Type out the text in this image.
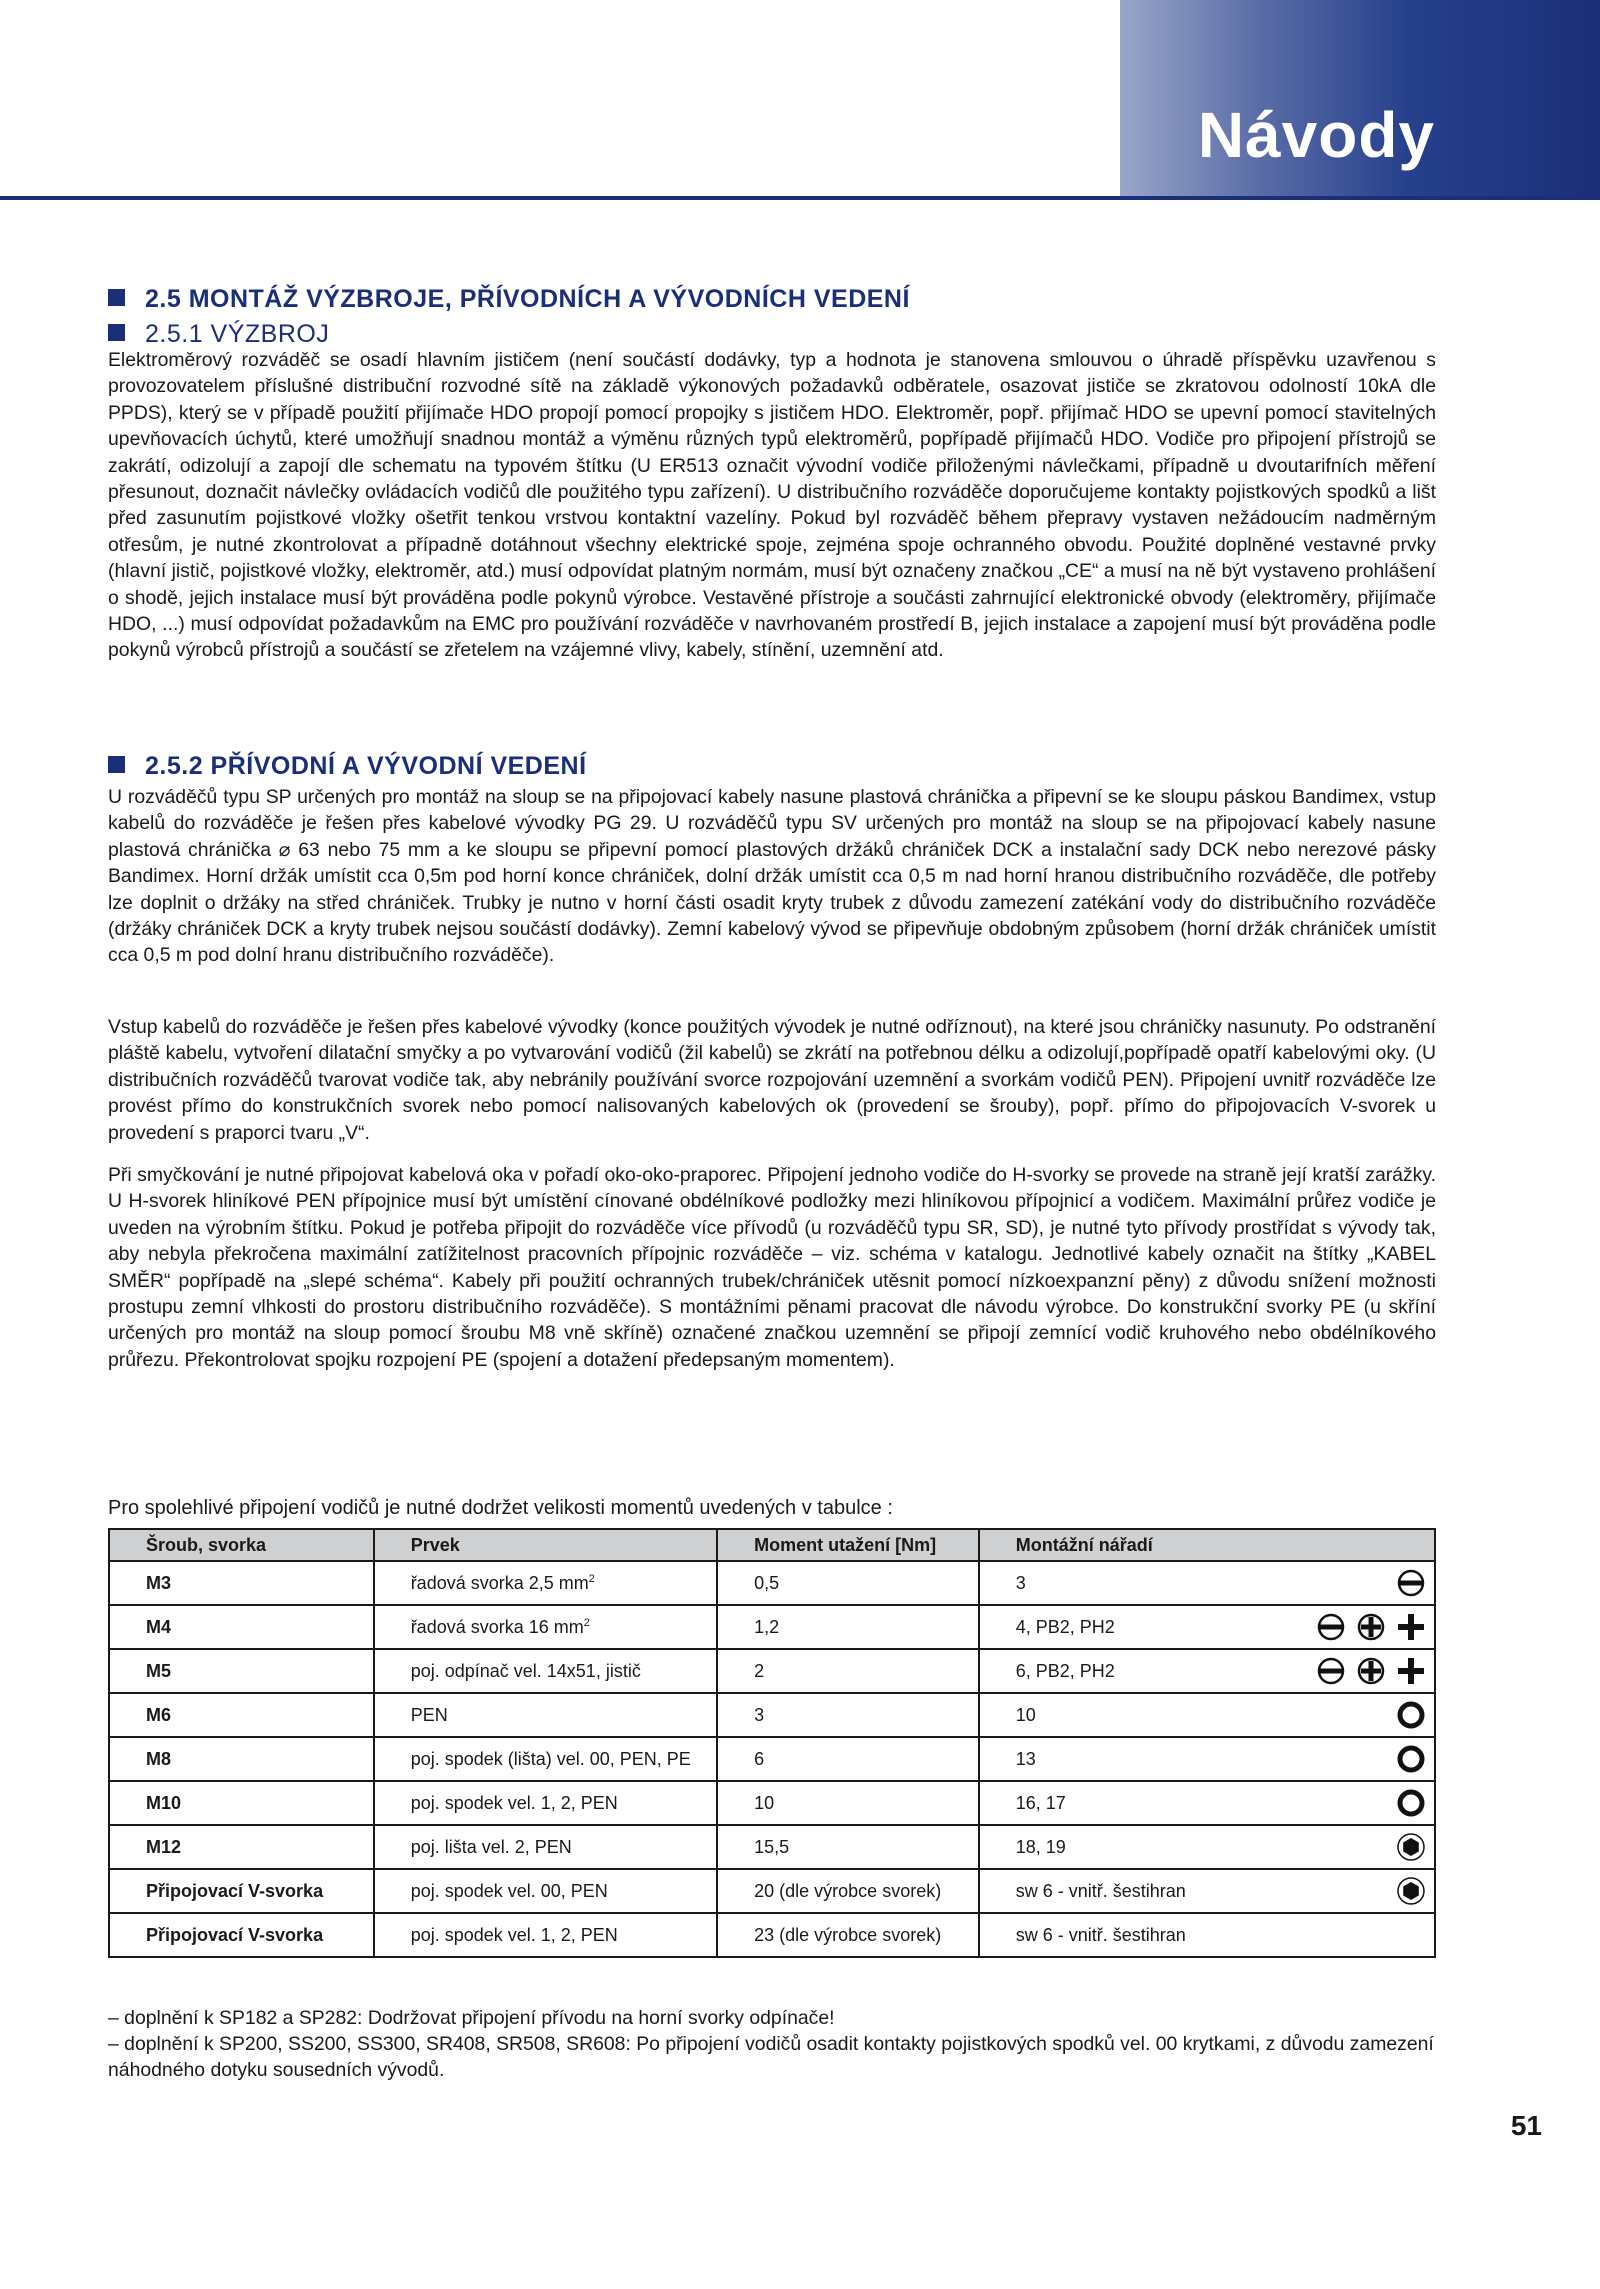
Návody
2.5 MONTÁŽ VÝZBROJE, PŘÍVODNÍCH A VÝVODNÍCH VEDENÍ
2.5.1 VÝZBROJ

Elektroměrový rozváděč se osadí hlavním jističem (není součástí dodávky, typ a hodnota je stanovena smlouvou o úhradě příspěvku uzavřenou s provozovatelem příslušné distribuční rozvodné sítě na základě výkonových požadavků odběratele, osazovat jističe se zkratovou odolností 10kA dle PPDS), který se v případě použití přijímače HDO propojí pomocí propojky s jističem HDO. Elektroměr, popř. přijímač HDO se upevní pomocí stavitelných upevňovacích úchytů, které umožňují snadnou montáž a výměnu různých typů elektroměrů, popřípadě přijímačů HDO. Vodiče pro připojení přístrojů se zakrátí, odizolují a zapojí dle schematu na typovém štítku (U ER513 označit vývodní vodiče přiloženými návlečkami, případně u dvoutarifních měření přesunout, doznačit návlečky ovládacích vodičů dle použitého typu zařízení). U distribučního rozváděče doporučujeme kontakty pojistkových spodků a lišt před zasunutím pojistkové vložky ošetřit tenkou vrstvou kontaktní vazelíny. Pokud byl rozváděč během přepravy vystaven nežádoucím nadměrným otřesům, je nutné zkontrolovat a případně dotáhnout všechny elektrické spoje, zejména spoje ochranného obvodu. Použité doplněné vestavné prvky (hlavní jistič, pojistkové vložky, elektroměr, atd.) musí odpovídat platným normám, musí být označeny značkou „CE“ a musí na ně být vystaveno prohlášení o shodě, jejich instalace musí být prováděna podle pokynů výrobce. Vestavěné přístroje a součásti zahrnující elektronické obvody (elektroměry, přijímače HDO, ...) musí odpovídat požadavkům na EMC pro používání rozváděče v navrhovaném prostředí B, jejich instalace a zapojení musí být prováděna podle pokynů výrobců přístrojů a součástí se zřetelem na vzájemné vlivy, kabely, stínění, uzemnění atd.

2.5.2 PŘÍVODNÍ A VÝVODNÍ VEDENÍ

U rozváděčů typu SP určených pro montáž na sloup se na připojovací kabely nasune plastová chránička a připevní se ke sloupu páskou Bandimex, vstup kabelů do rozváděče je řešen přes kabelové vývodky PG 29. U rozváděčů typu SV určených pro montáž na sloup se na připojovací kabely nasune plastová chránička ⌀ 63 nebo 75 mm a ke sloupu se připevní pomocí plastových držáků chrániček DCK a instalační sady DCK nebo nerezové pásky Bandimex. Horní držák umístit cca 0,5m pod horní konce chrániček, dolní držák umístit cca 0,5 m nad horní hranou distribučního rozváděče, dle potřeby lze doplnit o držáky na střed chrániček. Trubky je nutno v horní části osadit kryty trubek z důvodu zamezení zatékání vody do distribučního rozváděče (držáky chrániček DCK a kryty trubek nejsou součástí dodávky). Zemní kabelový vývod se připevňuje obdobným způsobem (horní držák chrániček umístit cca 0,5 m pod dolní hranu distribučního rozváděče).

Vstup kabelů do rozváděče je řešen přes kabelové vývodky (konce použitých vývodek je nutné odříznout), na které jsou chráničky nasunuty. Po odstranění pláště kabelu, vytvoření dilatační smyčky a po vytvarování vodičů (žil kabelů) se zkrátí na potřebnou délku a odizolují,popřípadě opatří kabelovými oky. (U distribučních rozváděčů tvarovat vodiče tak, aby nebránily používání svorce rozpojování uzemnění a svorkám vodičů PEN). Připojení uvnitř rozváděče lze provést přímo do konstrukčních svorek nebo pomocí nalisovaných kabelových ok (provedení se šrouby), popř. přímo do připojovacích V-svorek u provedení s praporci tvaru „V“.

Při smyčkování je nutné připojovat kabelová oka v pořadí oko-oko-praporec. Připojení jednoho vodiče do H-svorky se provede na straně její kratší zarážky. U H-svorek hliníkové PEN přípojnice musí být umístění cínované obdélníkové podložky mezi hliníkovou přípojnicí a vodičem. Maximální průřez vodiče je uveden na výrobním štítku. Pokud je potřeba připojit do rozváděče více přívodů (u rozváděčů typu SR, SD), je nutné tyto přívody prostřídat s vývody tak, aby nebyla překročena maximální zatížitelnost pracovních přípojnic rozváděče – viz. schéma v katalogu. Jednotlivé kabely označit na štítky „KABEL SMĚR“ popřípadě na „slepé schéma“. Kabely při použití ochranných trubek/chrániček utěsnit pomocí nízkoexpanzní pěny) z důvodu snížení možnosti prostupu zemní vlhkosti do prostoru distribučního rozváděče). S montážními pěnami pracovat dle návodu výrobce. Do konstrukční svorky PE (u skříní určených pro montáž na sloup pomocí šroubu M8 vně skříně) označené značkou uzemnění se připojí zemnící vodič kruhového nebo obdélníkového průřezu. Překontrolovat spojku rozpojení PE (spojení a dotažení předepsaným momentem).

Pro spolehlivé připojení vodičů je nutné dodržet velikosti momentů uvedených v tabulce :
Šroub, svorka	Prvek	Moment utažení [Nm]	Montážní nářadí
M3	řadová svorka 2,5 $mm^2$	0,5	3

M4	řadová svorka 16 $mm^2$	1,2	4, PB2, PH2

M5	poj. odpínač vel. 14x51, jistič	2	6, PB2, PH2

M6	PEN	3	10

M8	poj. spodek (lišta) vel. 00, PEN, PE	6	13

M10	poj. spodek vel. 1, 2, PEN	10	16, 17

M12	poj. lišta vel. 2, PEN	15,5	18, 19

Připojovací V-svorka	poj. spodek vel. 00, PEN	20 (dle výrobce svorek)	sw 6 - vnitř. šestihran

Připojovací V-svorka	poj. spodek vel. 1, 2, PEN	23 (dle výrobce svorek)	sw 6 - vnitř. šestihran

– doplnění k SP182 a SP282: Dodržovat připojení přívodu na horní svorky odpínače!

– doplnění k SP200, SS200, SS300, SR408, SR508, SR608: Po připojení vodičů osadit kontakty pojistkových spodků vel. 00 krytkami, z důvodu zamezení náhodného dotyku sousedních vývodů.

51
